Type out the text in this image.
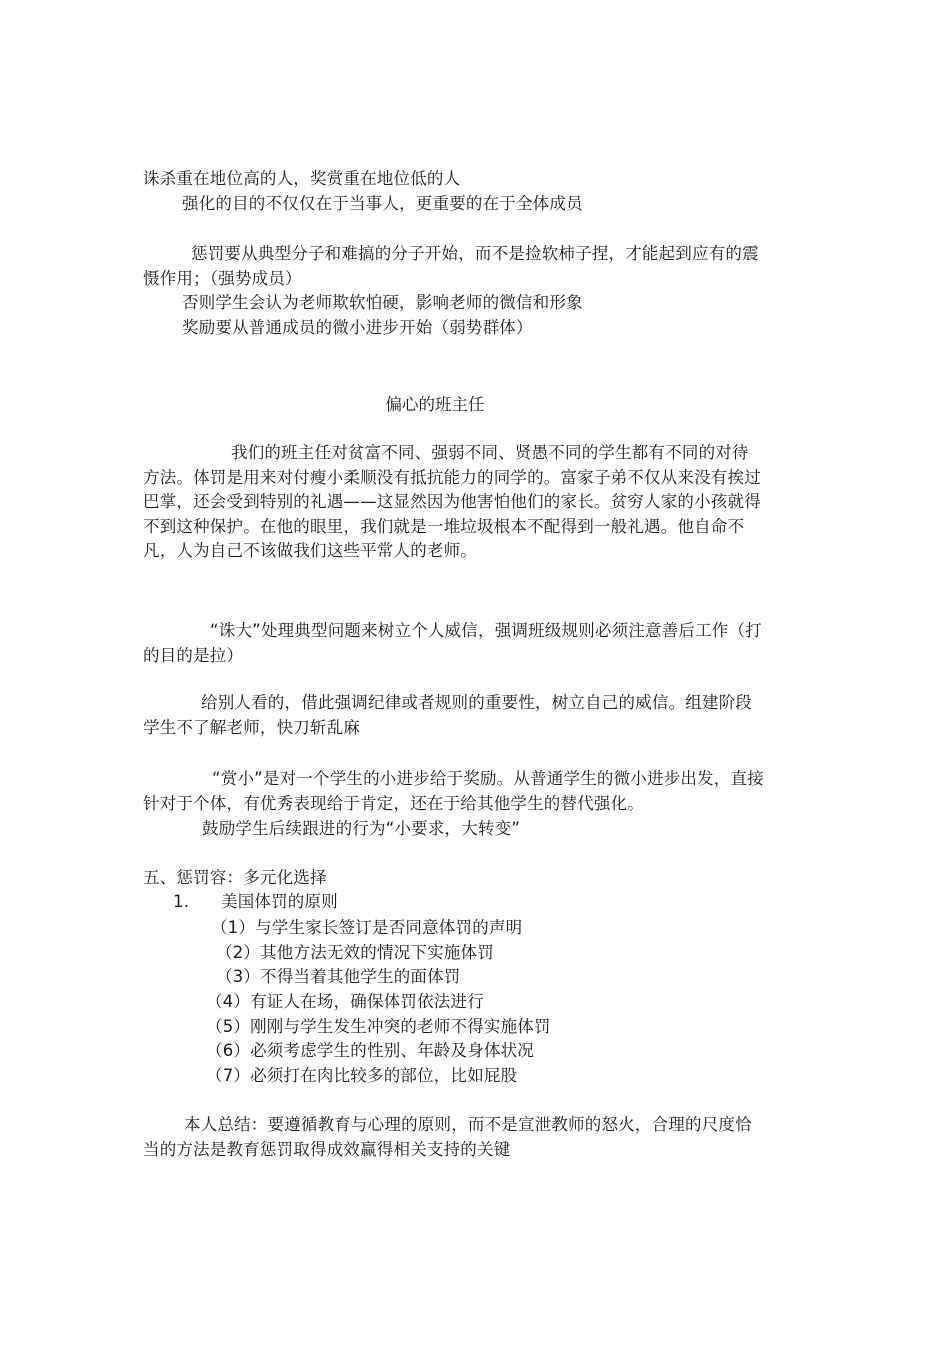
诛杀重在地位高的人，奖赏重在地位低的人
强化的目的不仅仅在于当事人，更重要的在于全体成员
惩罚要从典型分子和难搞的分子开始，而不是捡软柿子捏，才能起到应有的震慑作用；（强势成员）
否则学生会认为老师欺软怕硬，影响老师的微信和形象
奖励要从普通成员的微小进步开始（弱势群体）
偏心的班主任
我们的班主任对贫富不同、强弱不同、贤愚不同的学生都有不同的对待方法。体罚是用来对付瘦小柔顺没有抵抗能力的同学的。富家子弟不仅从来没有挨过巴掌，还会受到特别的礼遇——这显然因为他害怕他们的家长。贫穷人家的小孩就得不到这种保护。在他的眼里，我们就是一堆垃圾根本不配得到一般礼遇。他自命不凡，人为自己不该做我们这些平常人的老师。
“诛大”处理典型问题来树立个人威信，强调班级规则必须注意善后工作（打的目的是拉）
给别人看的，借此强调纪律或者规则的重要性，树立自己的威信。组建阶段学生不了解老师，快刀斩乱麻
“赏小”是对一个学生的小进步给于奖励。从普通学生的微小进步出发，直接针对于个体，有优秀表现给于肯定，还在于给其他学生的替代强化。
鼓励学生后续跟进的行为“小要求，大转变”
五、惩罚容：多元化选择
1. 美国体罚的原则
（1）与学生家长签订是否同意体罚的声明
（2）其他方法无效的情况下实施体罚
（3）不得当着其他学生的面体罚
（4）有证人在场，确保体罚依法进行
（5）刚刚与学生发生冲突的老师不得实施体罚
（6）必须考虑学生的性别、年龄及身体状况
（7）必须打在肉比较多的部位，比如屁股
本人总结：要遵循教育与心理的原则，而不是宣泄教师的怒火，合理的尺度恰当的方法是教育惩罚取得成效赢得相关支持的关键
